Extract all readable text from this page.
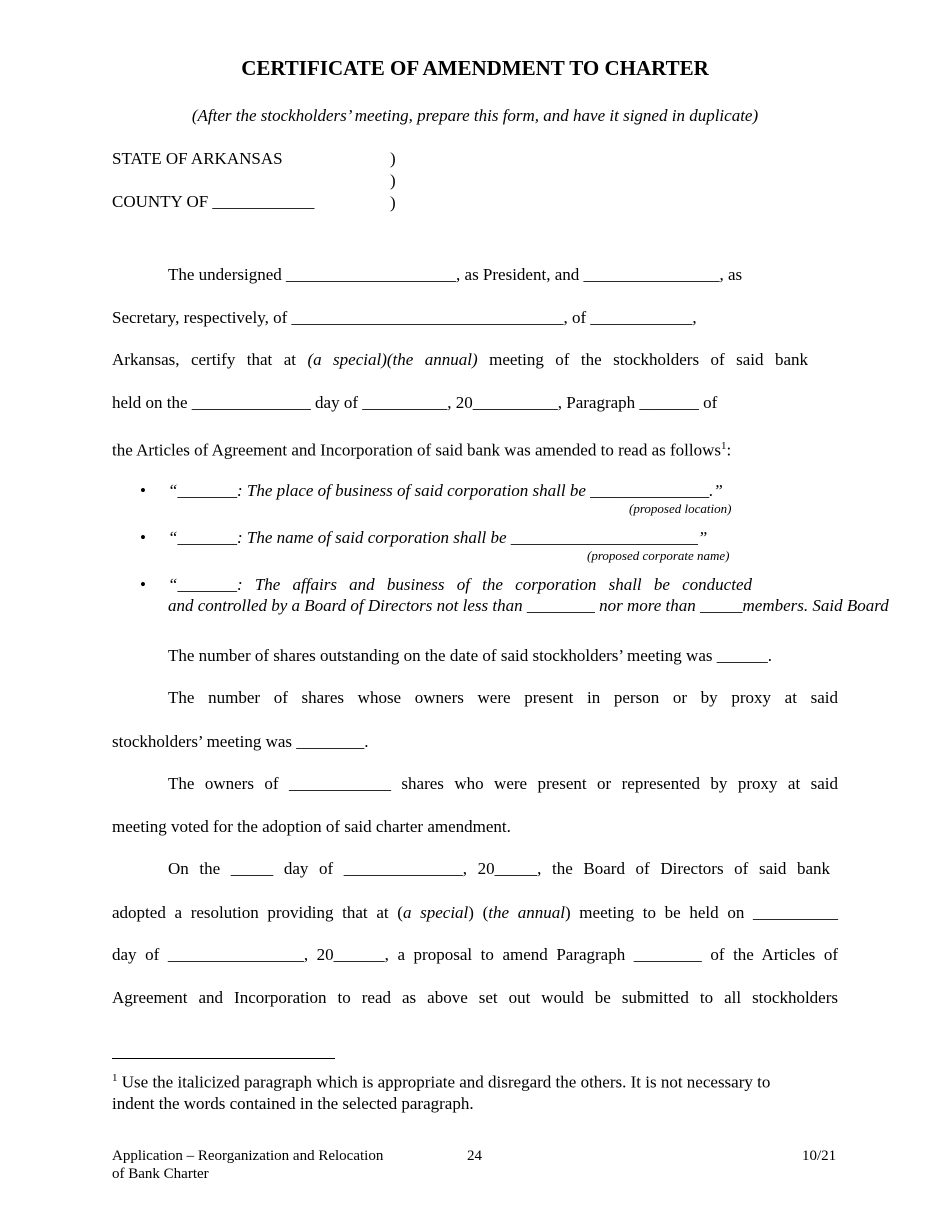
CERTIFICATE OF AMENDMENT TO CHARTER
(After the stockholders’ meeting, prepare this form, and have it signed in duplicate)
STATE OF ARKANSAS
COUNTY OF ____________
)
)
)
The undersigned ____________________, as President, and ________________, as
Secretary, respectively, of ________________________________, of ____________,
Arkansas, certify that at (a special)(the annual) meeting of the stockholders of said bank
held on the ______________ day of __________, 20__________, Paragraph _______ of
the Articles of Agreement and Incorporation of said bank was amended to read as follows$^1$:
• “_______: The place of business of said corporation shall be ______________.”
(proposed location)
• “_______: The name of said corporation shall be ______________________”
(proposed corporate name)
• “_______: The affairs and business of the corporation shall be conducted
and controlled by a Board of Directors not less than ________ nor more than _____members. Said Board
The number of shares outstanding on the date of said stockholders’ meeting was ______.
The number of shares whose owners were present in person or by proxy at said
stockholders’ meeting was ________.
The owners of ____________ shares who were present or represented by proxy at said
meeting voted for the adoption of said charter amendment.
On the _____ day of ______________, 20_____, the Board of Directors of said bank
adopted a resolution providing that at (a special) (the annual) meeting to be held on __________
day of ________________, 20______, a proposal to amend Paragraph ________ of the Articles of
Agreement and Incorporation to read as above set out would be submitted to all stockholders
$^1$ Use the italicized paragraph which is appropriate and disregard the others. It is not necessary to
indent the words contained in the selected paragraph.
Application – Reorganization and Relocation
of Bank Charter
24	10/21
